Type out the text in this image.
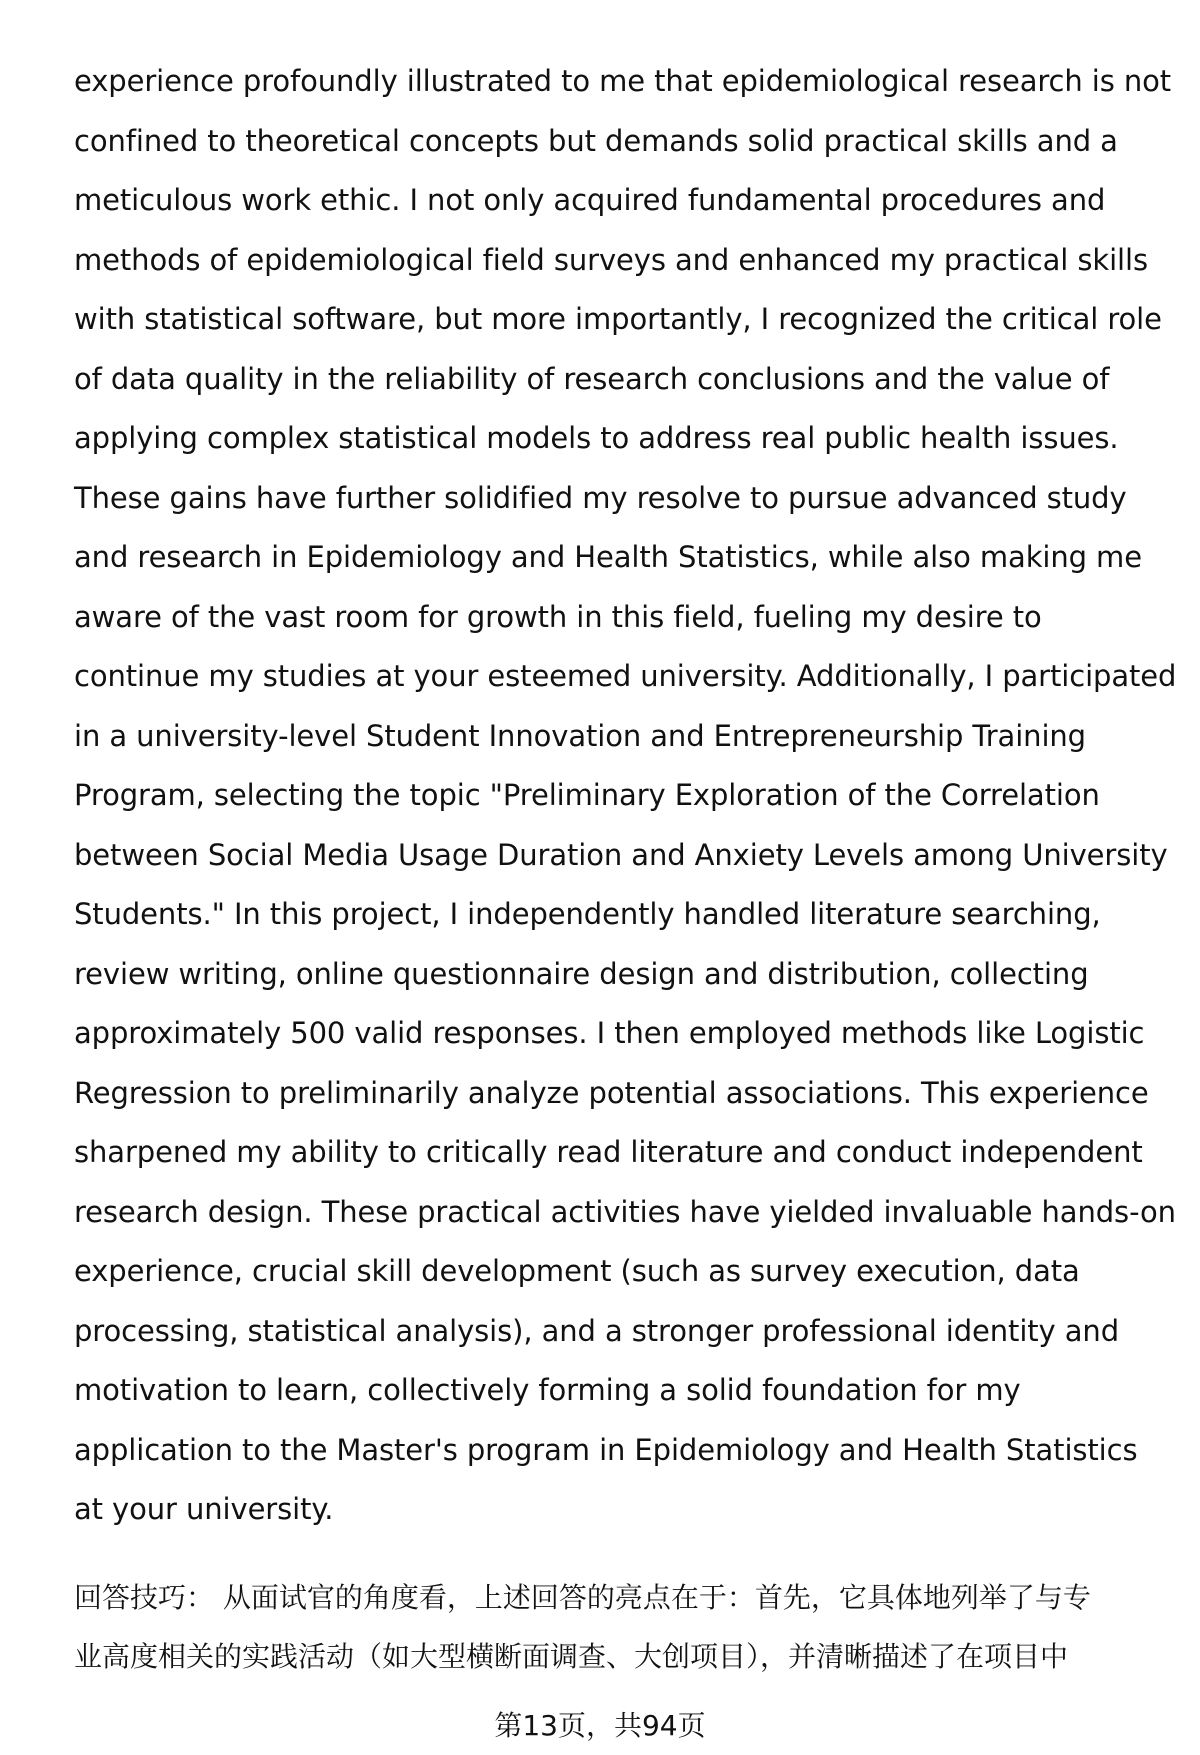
experience profoundly illustrated to me that epidemiological research is not
confined to theoretical concepts but demands solid practical skills and a
meticulous work ethic. I not only acquired fundamental procedures and
methods of epidemiological field surveys and enhanced my practical skills
with statistical software, but more importantly, I recognized the critical role
of data quality in the reliability of research conclusions and the value of
applying complex statistical models to address real public health issues.
These gains have further solidified my resolve to pursue advanced study
and research in Epidemiology and Health Statistics, while also making me
aware of the vast room for growth in this field, fueling my desire to
continue my studies at your esteemed university. Additionally, I participated
in a university-level Student Innovation and Entrepreneurship Training
Program, selecting the topic "Preliminary Exploration of the Correlation
between Social Media Usage Duration and Anxiety Levels among University
Students." In this project, I independently handled literature searching,
review writing, online questionnaire design and distribution, collecting
approximately 500 valid responses. I then employed methods like Logistic
Regression to preliminarily analyze potential associations. This experience
sharpened my ability to critically read literature and conduct independent
research design. These practical activities have yielded invaluable hands-on
experience, crucial skill development (such as survey execution, data
processing, statistical analysis), and a stronger professional identity and
motivation to learn, collectively forming a solid foundation for my
application to the Master's program in Epidemiology and Health Statistics
at your university.
回答技巧： 从面试官的角度看，上述回答的亮点在于：首先，它具体地列举了与专
业高度相关的实践活动（如大型横断面调查、大创项目），并清晰描述了在项目中
第13页，共94页
